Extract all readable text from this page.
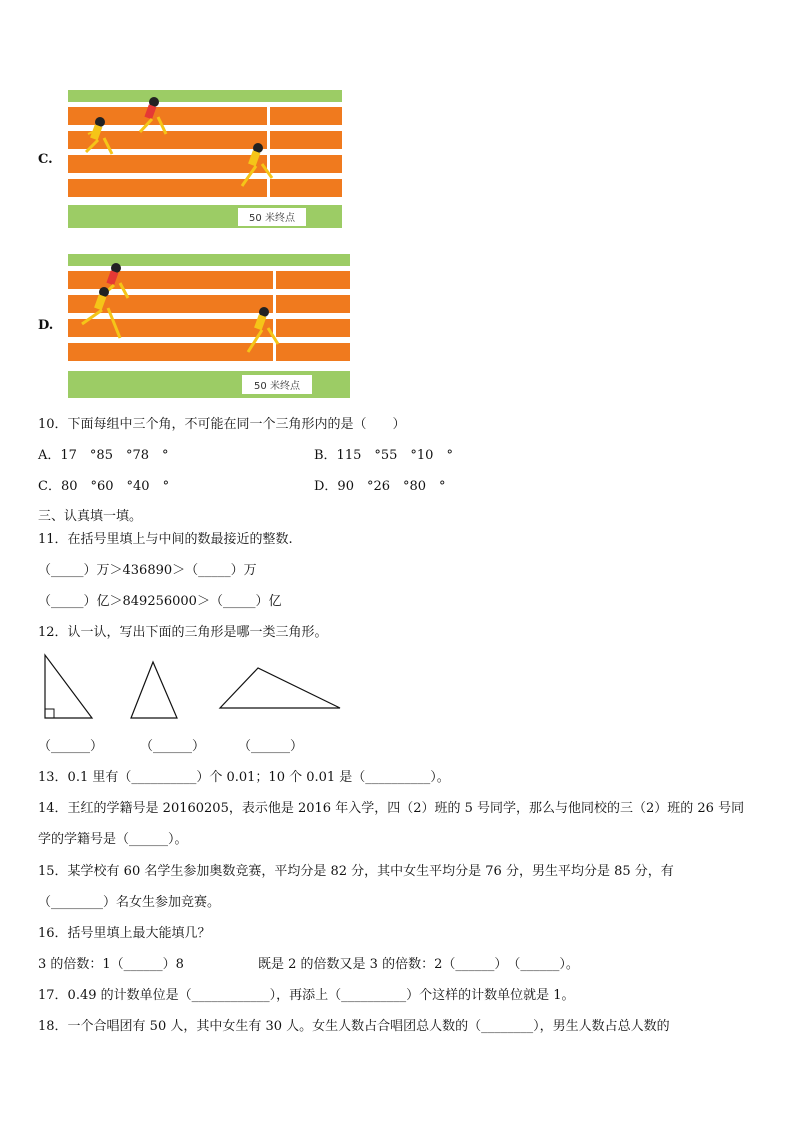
C.
50 米终点
D.
50 米终点
10．下面每组中三个角，不可能在同一个三角形内的是（　　）
A．17　°85　°78　°	B．115　°55　°10　°
C．80　°60　°40　°	D．90　°26　°80　°
三、认真填一填。
11．在括号里填上与中间的数最接近的整数.
（_____）万＞436890＞（_____）万
（_____）亿＞849256000＞（_____）亿
12．认一认，写出下面的三角形是哪一类三角形。
（______）	（______）	（______）
13．0.1 里有（__________）个 0.01；10 个 0.01 是（__________）。
14．王红的学籍号是 20160205，表示他是 2016 年入学，四（2）班的 5 号同学，那么与他同校的三（2）班的 26 号同
学的学籍号是（______）。
15．某学校有 60 名学生参加奥数竞赛，平均分是 82 分，其中女生平均分是 76 分，男生平均分是 85 分，有
（________）名女生参加竞赛。
16．括号里填上最大能填几？
3 的倍数：1（______）8	既是 2 的倍数又是 3 的倍数：2（______）　（______）。
17．0.49 的计数单位是（____________），再添上（__________）个这样的计数单位就是 1。
18．一个合唱团有 50 人，其中女生有 30 人。女生人数占合唱团总人数的（________），男生人数占总人数的
